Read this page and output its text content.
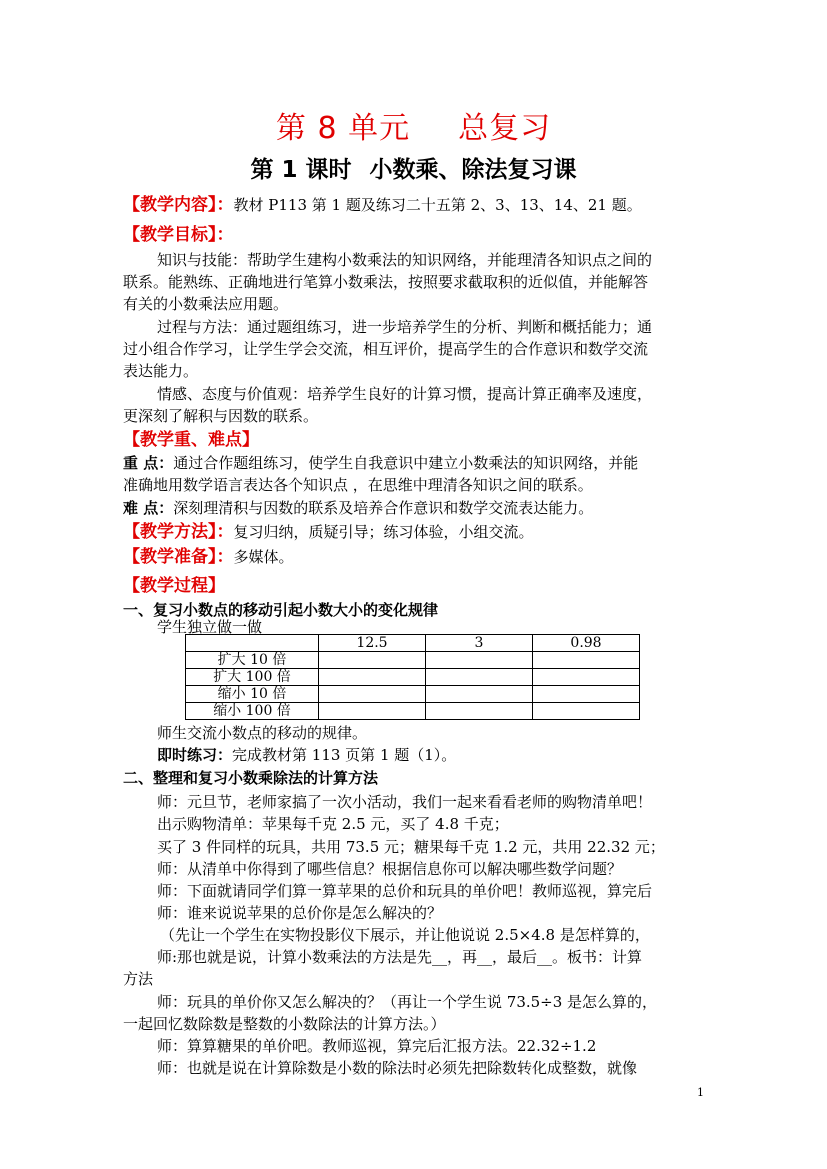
第 8 单元 总复习
第 1 课时 小数乘、除法复习课
【教学内容】：教材 P113 第 1 题及练习二十五第 2、3、13、14、21 题。
【教学目标】：
知识与技能：帮助学生建构小数乘法的知识网络，并能理清各知识点之间的
联系。能熟练、正确地进行笔算小数乘法，按照要求截取积的近似值，并能解答
有关的小数乘法应用题。
过程与方法：通过题组练习，进一步培养学生的分析、判断和概括能力；通
过小组合作学习，让学生学会交流，相互评价，提高学生的合作意识和数学交流
表达能力。
情感、态度与价值观：培养学生良好的计算习惯，提高计算正确率及速度，
更深刻了解积与因数的联系。
【教学重、难点】
重 点：通过合作题组练习，使学生自我意识中建立小数乘法的知识网络，并能
准确地用数学语言表达各个知识点 ，在思维中理清各知识之间的联系。
难 点：深刻理清积与因数的联系及培养合作意识和数学交流表达能力。
【教学方法】：复习归纳，质疑引导；练习体验，小组交流。
【教学准备】：多媒体。
【教学过程】
一、复习小数点的移动引起小数大小的变化规律
学生独立做一做
	12.5	3	0.98
扩大 10 倍			
扩大 100 倍			
缩小 10 倍			
缩小 100 倍			
师生交流小数点的移动的规律。
即时练习：完成教材第 113 页第 1 题（1）。
二、整理和复习小数乘除法的计算方法
师：元旦节，老师家搞了一次小活动，我们一起来看看老师的购物清单吧！
出示购物清单：苹果每千克 2.5 元，买了 4.8 千克；
买了 3 件同样的玩具，共用 73.5 元；糖果每千克 1.2 元，共用 22.32 元；
师：从清单中你得到了哪些信息？根据信息你可以解决哪些数学问题？
师：下面就请同学们算一算苹果的总价和玩具的单价吧！教师巡视，算完后
师：谁来说说苹果的总价你是怎么解决的？
（先让一个学生在实物投影仪下展示，并让他说说 2.5×4.8 是怎样算的，
师:那也就是说，计算小数乘法的方法是先__，再__，最后__。板书：计算
方法
师：玩具的单价你又怎么解决的？（再让一个学生说 73.5÷3 是怎么算的，
一起回忆数除数是整数的小数除法的计算方法。）
师：算算糖果的单价吧。教师巡视，算完后汇报方法。22.32÷1.2
师：也就是说在计算除数是小数的除法时必须先把除数转化成整数，就像
1
